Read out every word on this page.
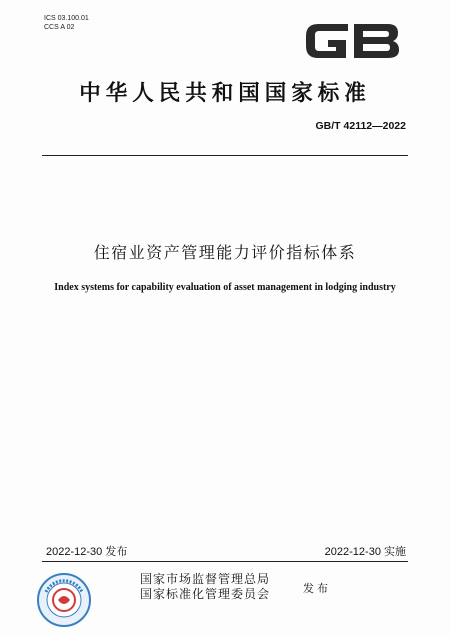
ICS 03.100.01
CCS A 02
中华人民共和国国家标准
GB/T 42112—2022
住宿业资产管理能力评价指标体系
Index systems for capability evaluation of asset management in lodging industry
2022-12-30 发布	2022-12-30 实施
国家市场监督管理总局
国家标准化管理委员会	发布
